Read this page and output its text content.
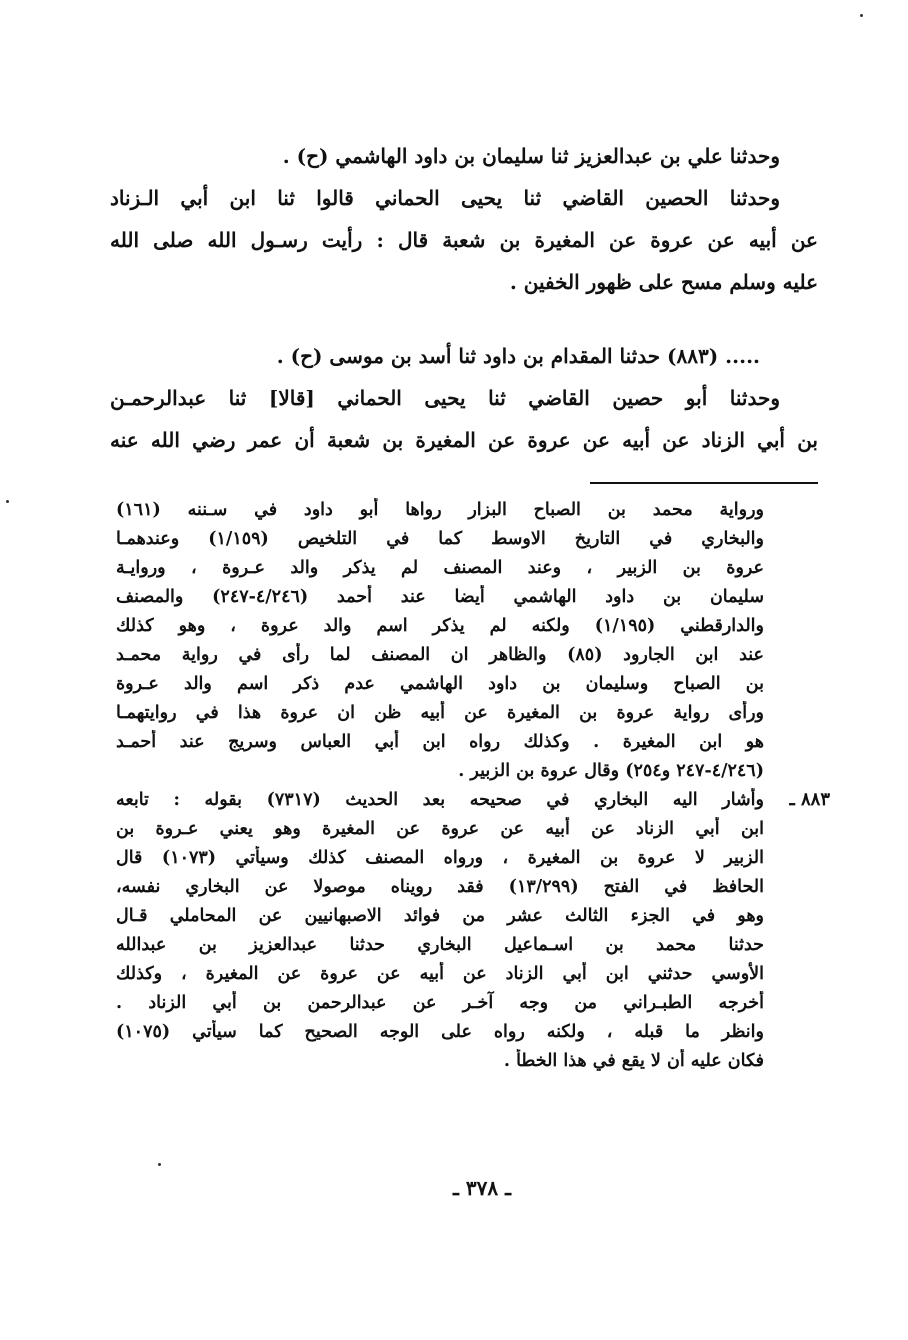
وحدثنا علي بن عبدالعزيز ثنا سليمان بن داود الهاشمي (ح) .
وحدثنا الحصين القاضي ثنا يحيى الحماني قالوا ثنا ابن أبي الـزناد
عن أبيه عن عروة عن المغيرة بن شعبة قال : رأيت رسـول الله صلى الله
عليه وسلم مسح على ظهور الخفين .
..... (٨٨٣) حدثنا المقدام بن داود ثنا أسد بن موسى (ح) .
وحدثنا أبو حصين القاضي ثنا يحيى الحماني [قالا] ثنا عبدالرحمـن
بن أبي الزناد عن أبيه عن عروة عن المغيرة بن شعبة أن عمر رضي الله عنه
ورواية محمد بن الصباح البزار رواها أبو داود في سـننه (١٦١)
والبخاري في التاريخ الاوسط كما في التلخيص (١/١٥٩) وعندهمـا
عروة بن الزبير ، وعند المصنف لم يذكر والد عـروة ، وروايـة
سليمان بن داود الهاشمي أيضا عند أحمد (٤/٢٤٦-٢٤٧) والمصنف
والدارقطني (١/١٩٥) ولكنه لم يذكر اسم والد عروة ، وهو كذلك
عند ابن الجارود (٨٥) والظاهر ان المصنف لما رأى في رواية محمـد
بن الصباح وسليمان بن داود الهاشمي عدم ذكر اسم والد عـروة
ورأى رواية عروة بن المغيرة عن أبيه ظن ان عروة هذا في روايتهمـا
هو ابن المغيرة . وكذلك رواه ابن أبي العباس وسريج عند أحمـد
(٤/٢٤٦-٢٤٧ و٢٥٤) وقال عروة بن الزبير .
٨٨٣ ـ
وأشار اليه البخاري في صحيحه بعد الحديث (٧٣١٧) بقوله : تابعه
ابن أبي الزناد عن أبيه عن عروة عن المغيرة وهو يعني عـروة بن
الزبير لا عروة بن المغيرة ، ورواه المصنف كذلك وسيأتي (١٠٧٣) قال
الحافظ في الفتح (١٣/٢٩٩) فقد رويناه موصولا عن البخاري نفسه،
وهو في الجزء الثالث عشر من فوائد الاصبهانيين عن المحاملي قـال
حدثنا محمد بن اسـماعيل البخاري حدثنا عبدالعزيز بن عبدالله
الأوسي حدثني ابن أبي الزناد عن أبيه عن عروة عن المغيرة ، وكذلك
أخرجه الطبـراني من وجه آخـر عن عبدالرحمن بن أبي الزناد .
وانظر ما قبله ، ولكنه رواه على الوجه الصحيح كما سيأتي (١٠٧٥)
فكان عليه أن لا يقع في هذا الخطأ .
ـ ٣٧٨ ـ
